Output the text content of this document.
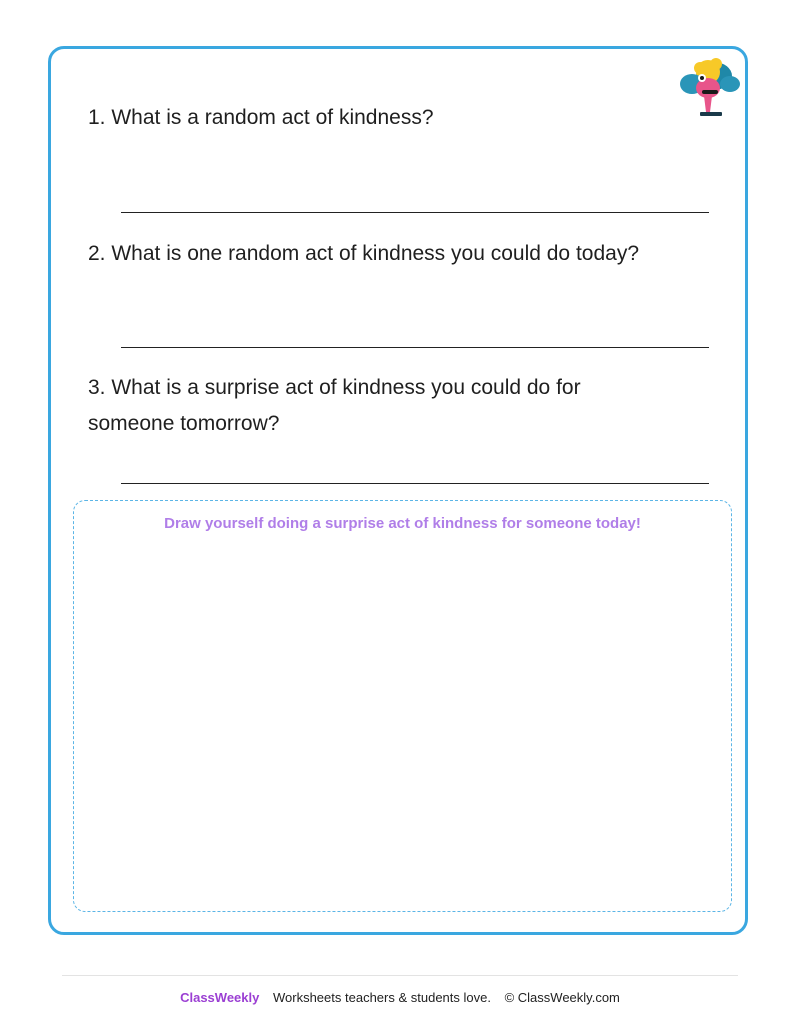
1. What is a random act of kindness?
2. What is one random act of kindness you could do today?
3. What is a surprise act of kindness you could do for someone tomorrow?
Draw yourself doing a surprise act of kindness for someone today!
ClassWeekly Worksheets teachers & students love. © ClassWeekly.com
